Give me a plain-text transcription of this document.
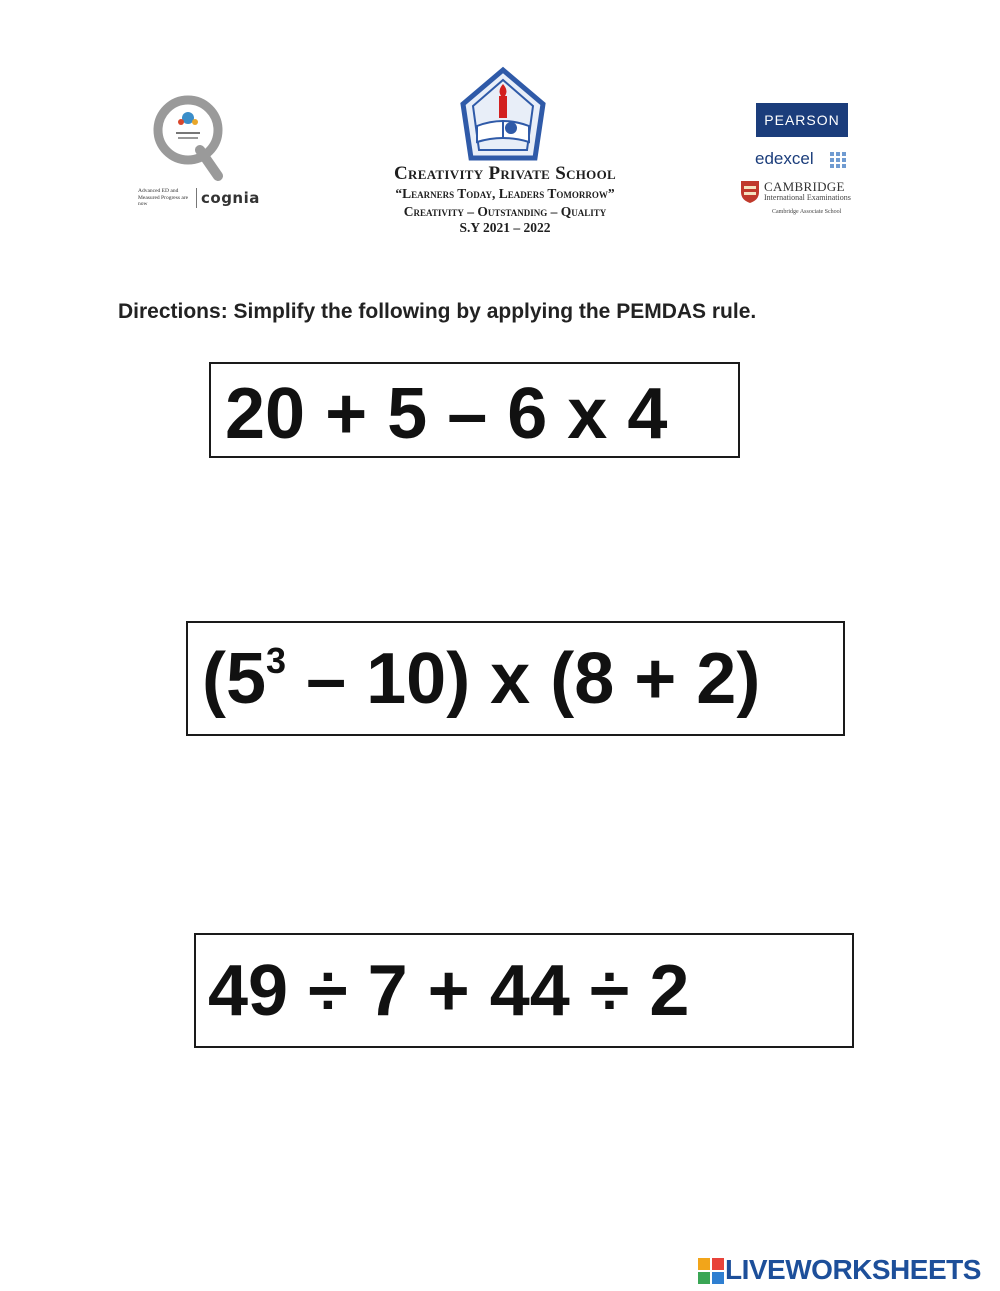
Advanced ED and Measured Progress are now	cognia
Creativity Private School
“Learners Today, Leaders Tomorrow”
Creativity – Outstanding – Quality
S.Y 2021 – 2022
PEARSON
edexcel
CAMBRIDGE
International Examinations
Cambridge Associate School
Directions: Simplify the following by applying the PEMDAS rule.
20 + 5 – 6 x 4
$(5^3 - 10)$ x (8 + 2)
49 ÷ 7 + 44 ÷ 2
LIVEWORKSHEETS
